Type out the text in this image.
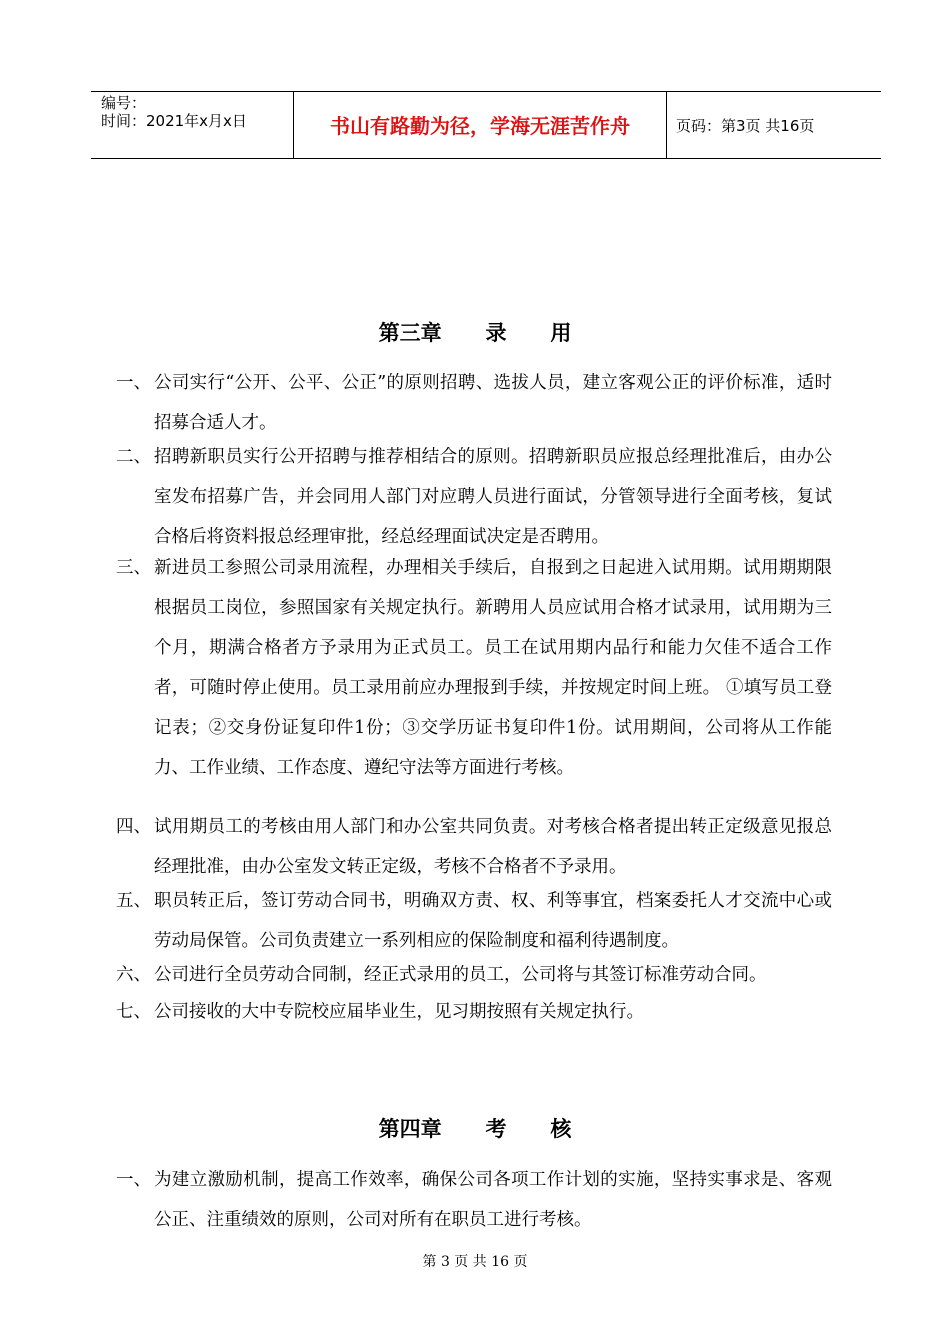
编号：
时间：2021年x月x日	书山有路勤为径，学海无涯苦作舟	页码：第3页 共16页
第三章      录      用
一、 公司实行“公开、公平、公正”的原则招聘、选拔人员，建立客观公正的评价标准，适时招募合适人才。
二、 招聘新职员实行公开招聘与推荐相结合的原则。招聘新职员应报总经理批准后，由办公室发布招募广告，并会同用人部门对应聘人员进行面试，分管领导进行全面考核，复试合格后将资料报总经理审批，经总经理面试决定是否聘用。
三、 新进员工参照公司录用流程，办理相关手续后，自报到之日起进入试用期。试用期期限根据员工岗位，参照国家有关规定执行。新聘用人员应试用合格才试录用，试用期为三个月，期满合格者方予录用为正式员工。员工在试用期内品行和能力欠佳不适合工作者，可随时停止使用。员工录用前应办理报到手续，并按规定时间上班。 ①填写员工登记表；②交身份证复印件1份；③交学历证书复印件1份。试用期间，公司将从工作能力、工作业绩、工作态度、遵纪守法等方面进行考核。
四、 试用期员工的考核由用人部门和办公室共同负责。对考核合格者提出转正定级意见报总经理批准，由办公室发文转正定级，考核不合格者不予录用。
五、 职员转正后，签订劳动合同书，明确双方责、权、利等事宜，档案委托人才交流中心或劳动局保管。公司负责建立一系列相应的保险制度和福利待遇制度。
六、 公司进行全员劳动合同制，经正式录用的员工，公司将与其签订标准劳动合同。
七、 公司接收的大中专院校应届毕业生，见习期按照有关规定执行。
第四章      考      核
一、 为建立激励机制，提高工作效率，确保公司各项工作计划的实施，坚持实事求是、客观公正、注重绩效的原则，公司对所有在职员工进行考核。
第 3 页 共 16 页
